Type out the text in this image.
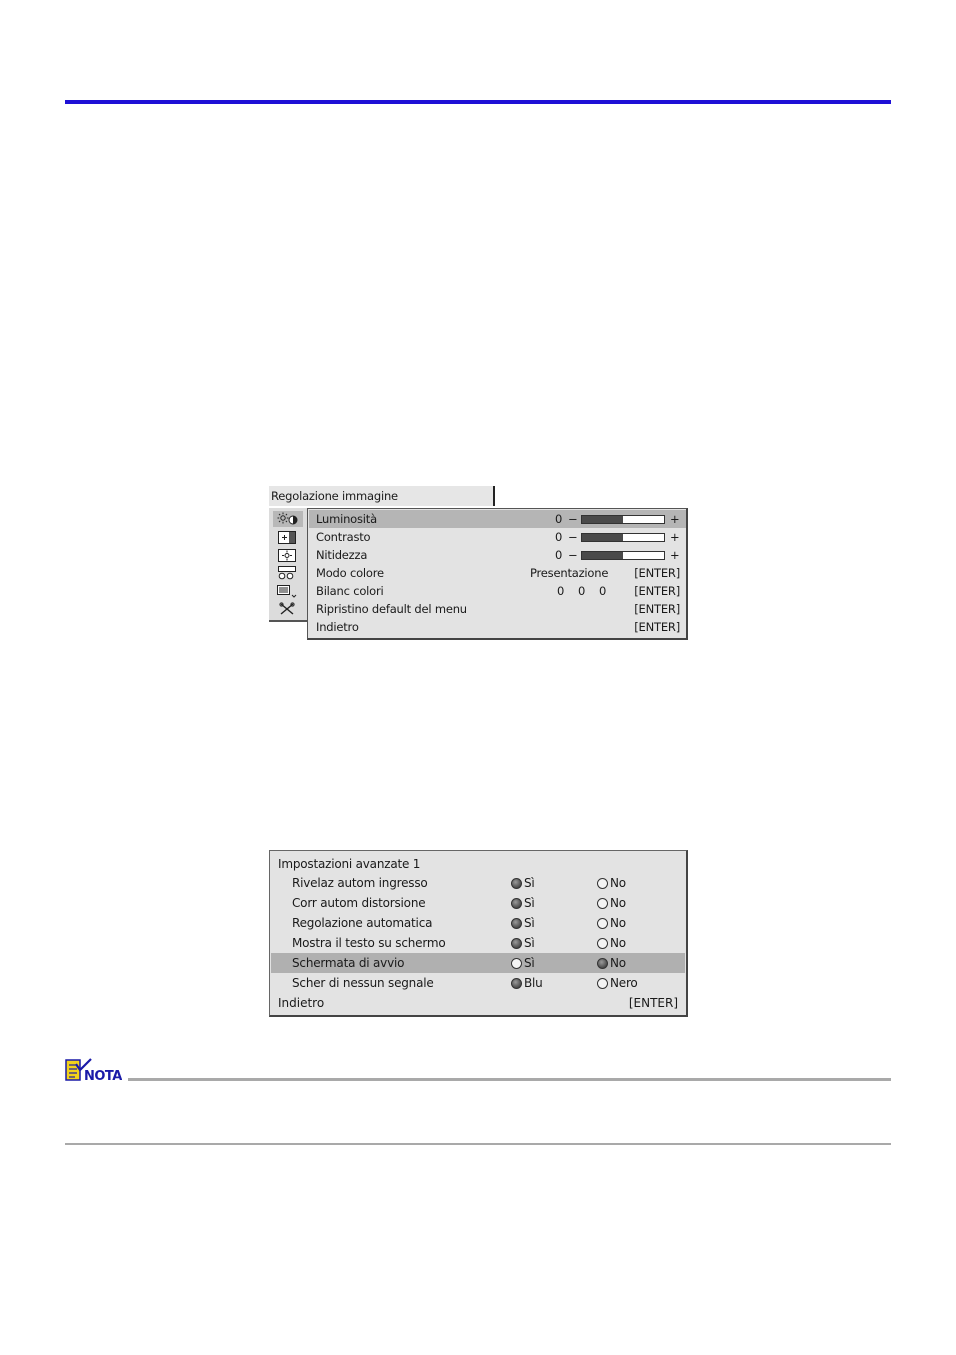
Regolazione immagine
Luminosità	0 −	+
Contrasto	0 −	+
Nitidezza	0 −	+
Modo colore	Presentazione [ENTER]
Bilanc colori	0 0 0 [ENTER]
Ripristino default del menu	[ENTER]
Indietro	[ENTER]
Impostazioni avanzate 1
Rivelaz autom ingresso	Sì	No
Corr autom distorsione	Sì	No
Regolazione automatica	Sì	No
Mostra il testo su schermo	Sì	No
Schermata di avvio	Sì	No
Scher di nessun segnale	Blu	Nero
Indietro	[ENTER]
NOTA
